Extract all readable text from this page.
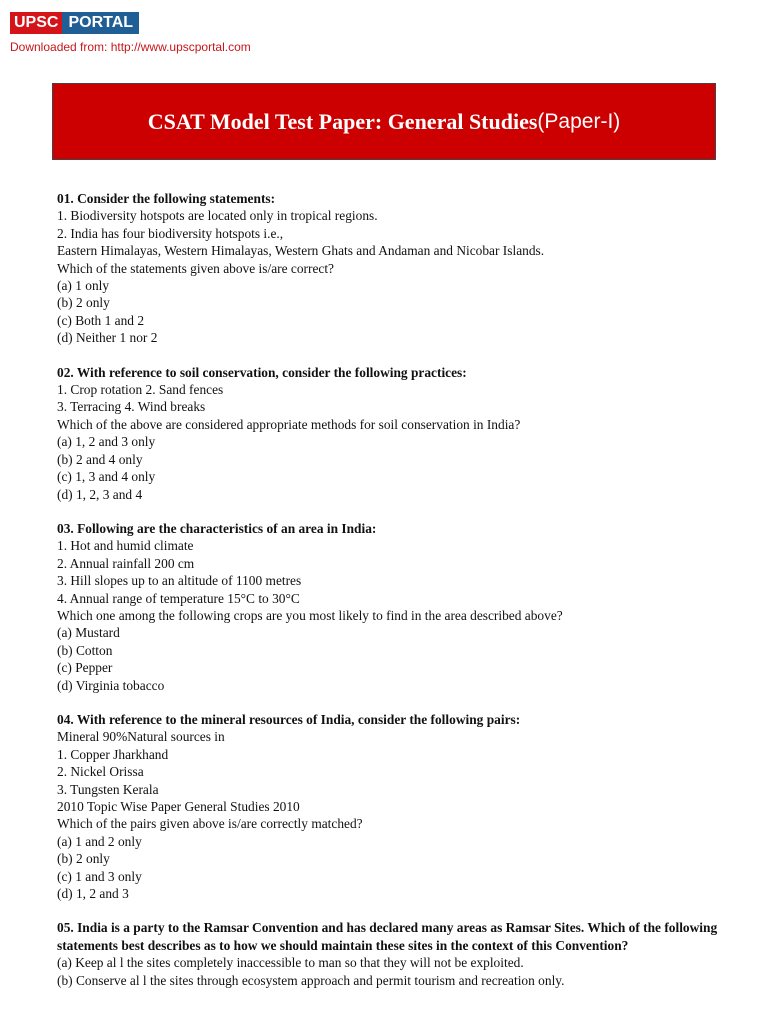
UPSC PORTAL
Downloaded from: http://www.upscportal.com
CSAT Model Test Paper: General Studies (Paper-I)
01. Consider the following statements:
1. Biodiversity hotspots are located only in tropical regions.
2. India has four biodiversity hotspots i.e.,
Eastern Himalayas, Western Himalayas, Western Ghats and Andaman and Nicobar Islands.
Which of the statements given above is/are correct?
(a) 1 only
(b) 2 only
(c) Both 1 and 2
(d) Neither 1 nor 2
02. With reference to soil conservation, consider the following practices:
1. Crop rotation 2. Sand fences
3. Terracing 4. Wind breaks
Which of the above are considered appropriate methods for soil conservation in India?
(a) 1, 2 and 3 only
(b) 2 and 4 only
(c) 1, 3 and 4 only
(d) 1, 2, 3 and 4
03. Following are the characteristics of an area in India:
1. Hot and humid climate
2. Annual rainfall 200 cm
3. Hill slopes up to an altitude of 1100 metres
4. Annual range of temperature 15°C to 30°C
Which one among the following crops are you most likely to find in the area described above?
(a) Mustard
(b) Cotton
(c) Pepper
(d) Virginia tobacco
04. With reference to the mineral resources of India, consider the following pairs:
Mineral 90%Natural sources in
1. Copper Jharkhand
2. Nickel Orissa
3. Tungsten Kerala
2010 Topic Wise Paper General Studies 2010
Which of the pairs given above is/are correctly matched?
(a) 1 and 2 only
(b) 2 only
(c) 1 and 3 only
(d) 1, 2 and 3
05. India is a party to the Ramsar Convention and has declared many areas as Ramsar Sites. Which of the following statements best describes as to how we should maintain these sites in the context of this Convention?
(a) Keep al l the sites completely inaccessible to man so that they will not be exploited.
(b) Conserve al l the sites through ecosystem approach and permit tourism and recreation only.
